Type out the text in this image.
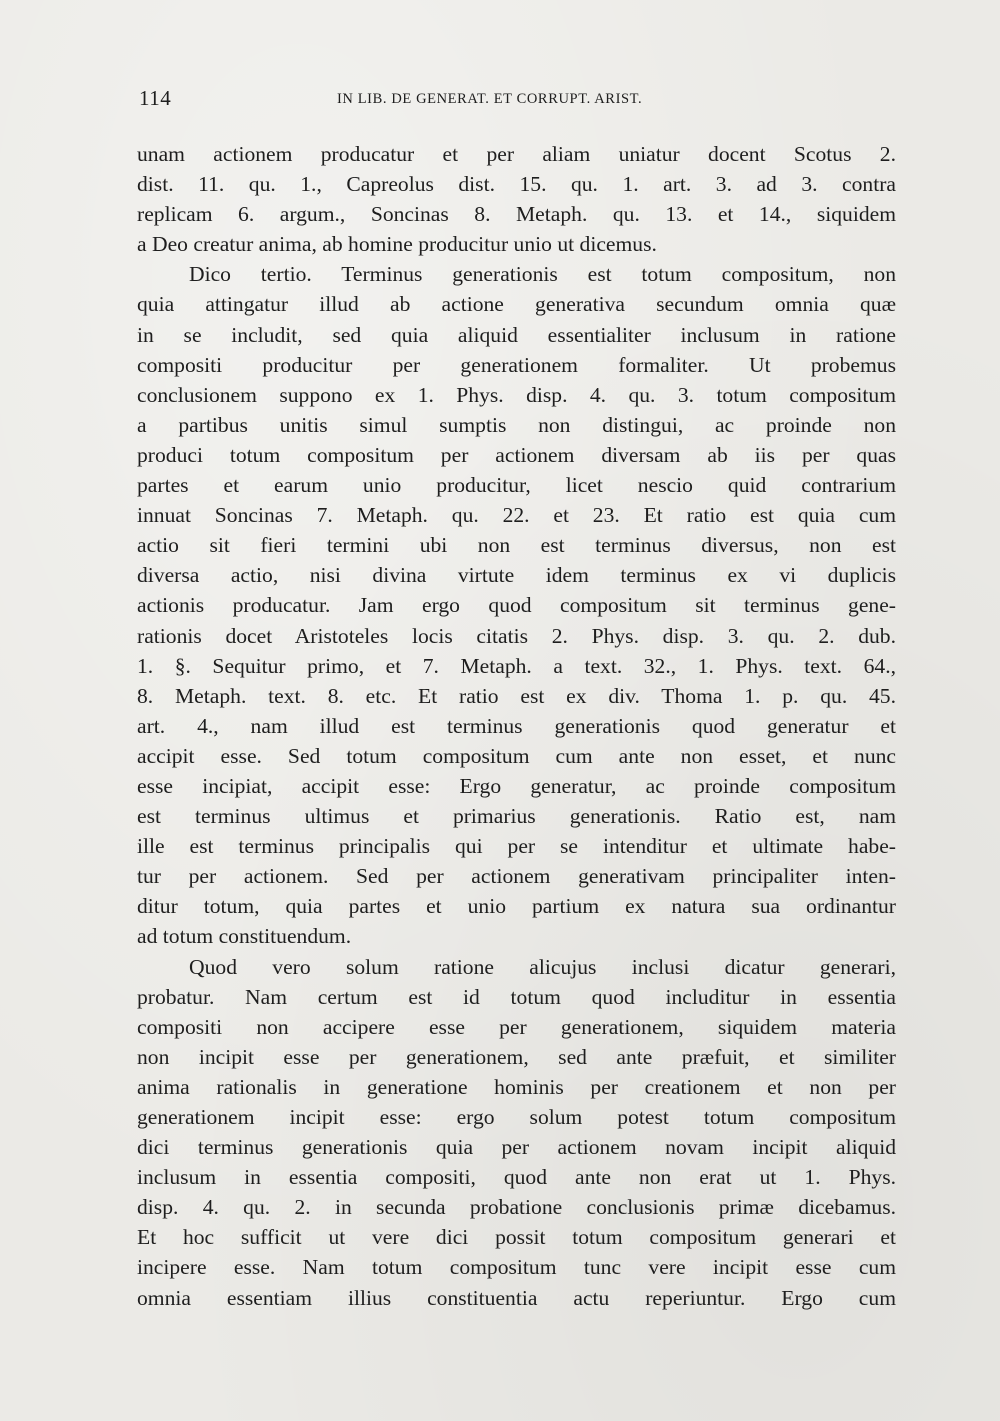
114	IN LIB. DE GENERAT. ET CORRUPT. ARIST.
unam actionem producatur et per aliam uniatur docent Scotus 2.
dist. 11. qu. 1., Capreolus dist. 15. qu. 1. art. 3. ad 3. contra
replicam 6. argum., Soncinas 8. Metaph. qu. 13. et 14., siquidem
a Deo creatur anima, ab homine producitur unio ut dicemus.
Dico tertio. Terminus generationis est totum compositum, non
quia attingatur illud ab actione generativa secundum omnia quæ
in se includit, sed quia aliquid essentialiter inclusum in ratione
compositi producitur per generationem formaliter. Ut probemus
conclusionem suppono ex 1. Phys. disp. 4. qu. 3. totum compositum
a partibus unitis simul sumptis non distingui, ac proinde non
produci totum compositum per actionem diversam ab iis per quas
partes et earum unio producitur, licet nescio quid contrarium
innuat Soncinas 7. Metaph. qu. 22. et 23. Et ratio est quia cum
actio sit fieri termini ubi non est terminus diversus, non est
diversa actio, nisi divina virtute idem terminus ex vi duplicis
actionis producatur. Jam ergo quod compositum sit terminus gene-
rationis docet Aristoteles locis citatis 2. Phys. disp. 3. qu. 2. dub.
1. §. Sequitur primo, et 7. Metaph. a text. 32., 1. Phys. text. 64.,
8. Metaph. text. 8. etc. Et ratio est ex div. Thoma 1. p. qu. 45.
art. 4., nam illud est terminus generationis quod generatur et
accipit esse. Sed totum compositum cum ante non esset, et nunc
esse incipiat, accipit esse: Ergo generatur, ac proinde compositum
est terminus ultimus et primarius generationis. Ratio est, nam
ille est terminus principalis qui per se intenditur et ultimate habe-
tur per actionem. Sed per actionem generativam principaliter inten-
ditur totum, quia partes et unio partium ex natura sua ordinantur
ad totum constituendum.
Quod vero solum ratione alicujus inclusi dicatur generari,
probatur. Nam certum est id totum quod includitur in essentia
compositi non accipere esse per generationem, siquidem materia
non incipit esse per generationem, sed ante præfuit, et similiter
anima rationalis in generatione hominis per creationem et non per
generationem incipit esse: ergo solum potest totum compositum
dici terminus generationis quia per actionem novam incipit aliquid
inclusum in essentia compositi, quod ante non erat ut 1. Phys.
disp. 4. qu. 2. in secunda probatione conclusionis primæ dicebamus.
Et hoc sufficit ut vere dici possit totum compositum generari et
incipere esse. Nam totum compositum tunc vere incipit esse cum
omnia essentiam illius constituentia actu reperiuntur. Ergo cum
